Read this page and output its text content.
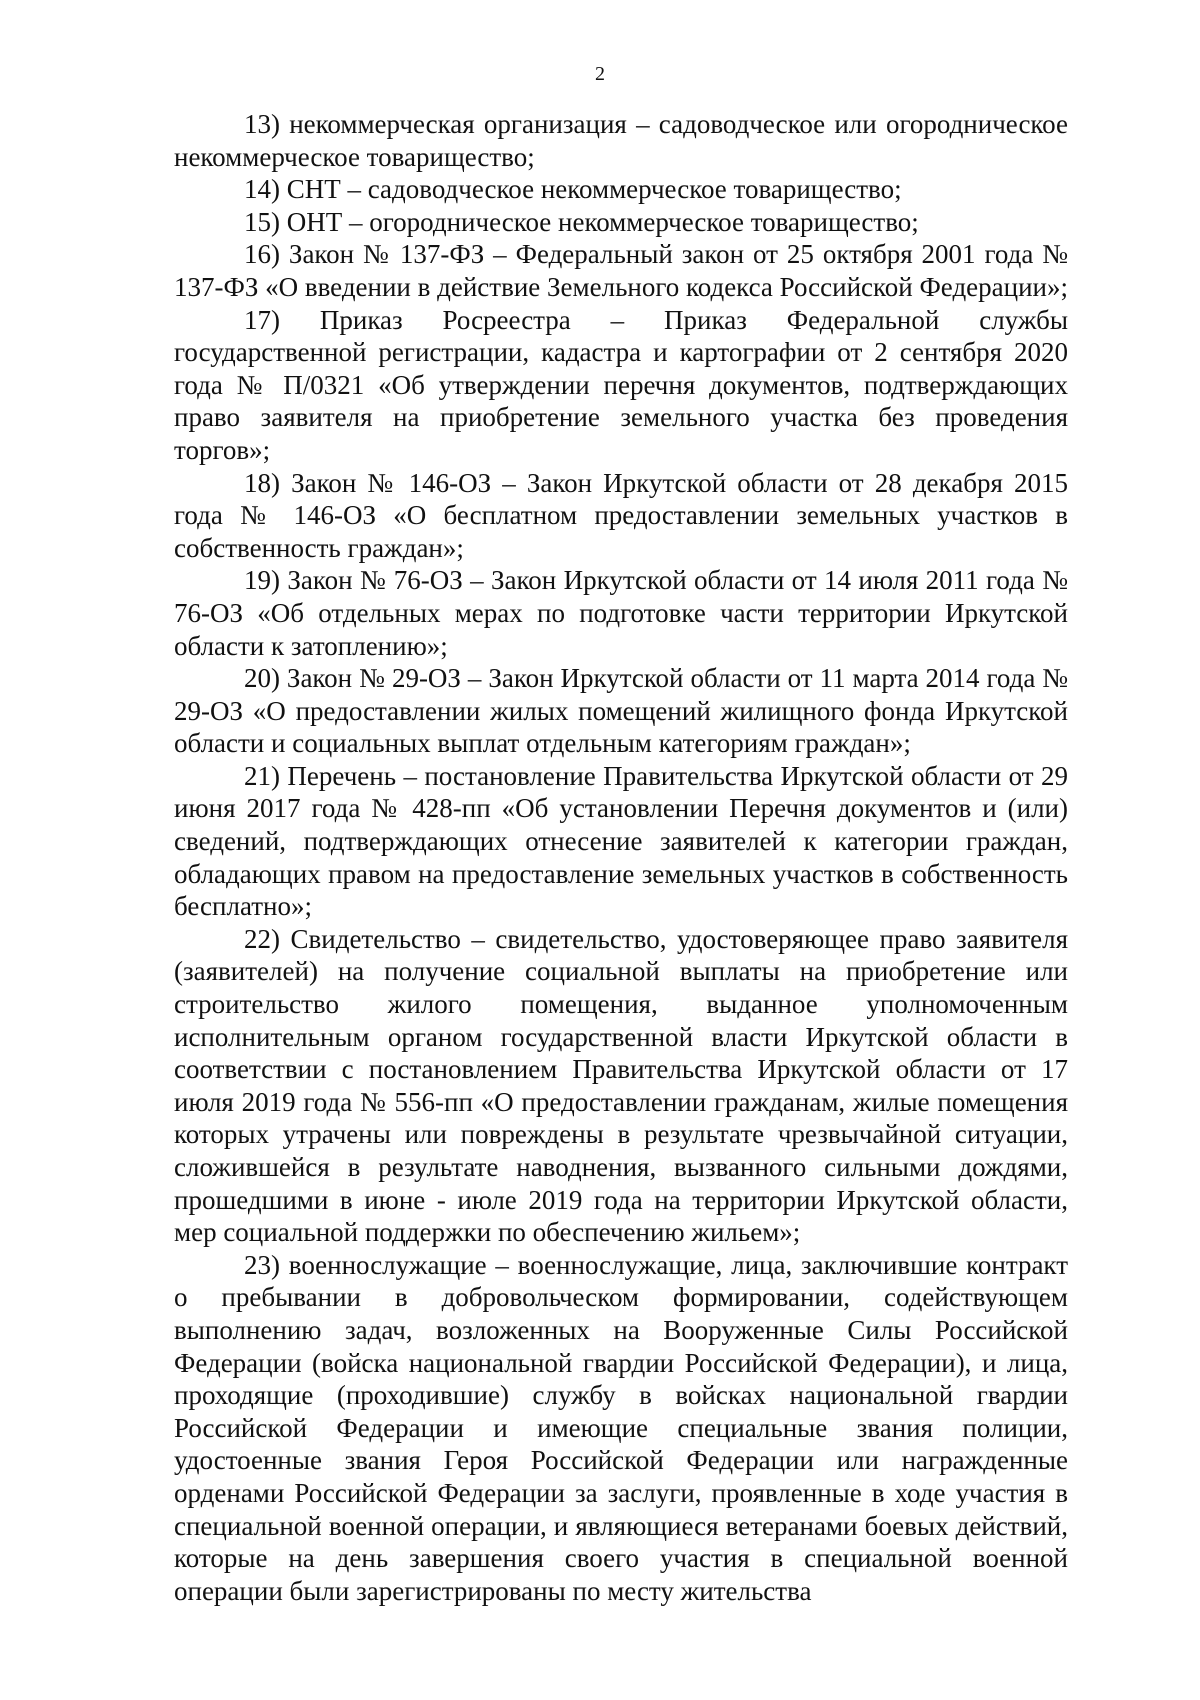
2

13) некоммерческая организация – садоводческое или огородническое некоммерческое товарищество;

14) СНТ – садоводческое некоммерческое товарищество;

15) ОНТ – огородническое некоммерческое товарищество;

16) Закон № 137-ФЗ – Федеральный закон от 25 октября 2001 года № 137-ФЗ «О введении в действие Земельного кодекса Российской Федерации»;

17) Приказ Росреестра – Приказ Федеральной службы государственной регистрации, кадастра и картографии от 2 сентября 2020 года № П/0321 «Об утверждении перечня документов, подтверждающих право заявителя на приобретение земельного участка без проведения торгов»;

18) Закон № 146-ОЗ – Закон Иркутской области от 28 декабря 2015 года № 146-ОЗ «О бесплатном предоставлении земельных участков в собственность граждан»;

19) Закон № 76-ОЗ – Закон Иркутской области от 14 июля 2011 года № 76-ОЗ «Об отдельных мерах по подготовке части территории Иркутской области к затоплению»;

20) Закон № 29-ОЗ – Закон Иркутской области от 11 марта 2014 года № 29-ОЗ «О предоставлении жилых помещений жилищного фонда Иркутской области и социальных выплат отдельным категориям граждан»;

21) Перечень – постановление Правительства Иркутской области от 29 июня 2017 года № 428-пп «Об установлении Перечня документов и (или) сведений, подтверждающих отнесение заявителей к категории граждан, обладающих правом на предоставление земельных участков в собственность бесплатно»;

22) Свидетельство – свидетельство, удостоверяющее право заявителя (заявителей) на получение социальной выплаты на приобретение или строительство жилого помещения, выданное уполномоченным исполнительным органом государственной власти Иркутской области в соответствии с постановлением Правительства Иркутской области от 17 июля 2019 года № 556-пп «О предоставлении гражданам, жилые помещения которых утрачены или повреждены в результате чрезвычайной ситуации, сложившейся в результате наводнения, вызванного сильными дождями, прошедшими в июне - июле 2019 года на территории Иркутской области, мер социальной поддержки по обеспечению жильем»;

23) военнослужащие – военнослужащие, лица, заключившие контракт о пребывании в добровольческом формировании, содействующем выполнению задач, возложенных на Вооруженные Силы Российской Федерации (войска национальной гвардии Российской Федерации), и лица, проходящие (проходившие) службу в войсках национальной гвардии Российской Федерации и имеющие специальные звания полиции, удостоенные звания Героя Российской Федерации или награжденные орденами Российской Федерации за заслуги, проявленные в ходе участия в специальной военной операции, и являющиеся ветеранами боевых действий, которые на день завершения своего участия в специальной военной операции были зарегистрированы по месту жительства
